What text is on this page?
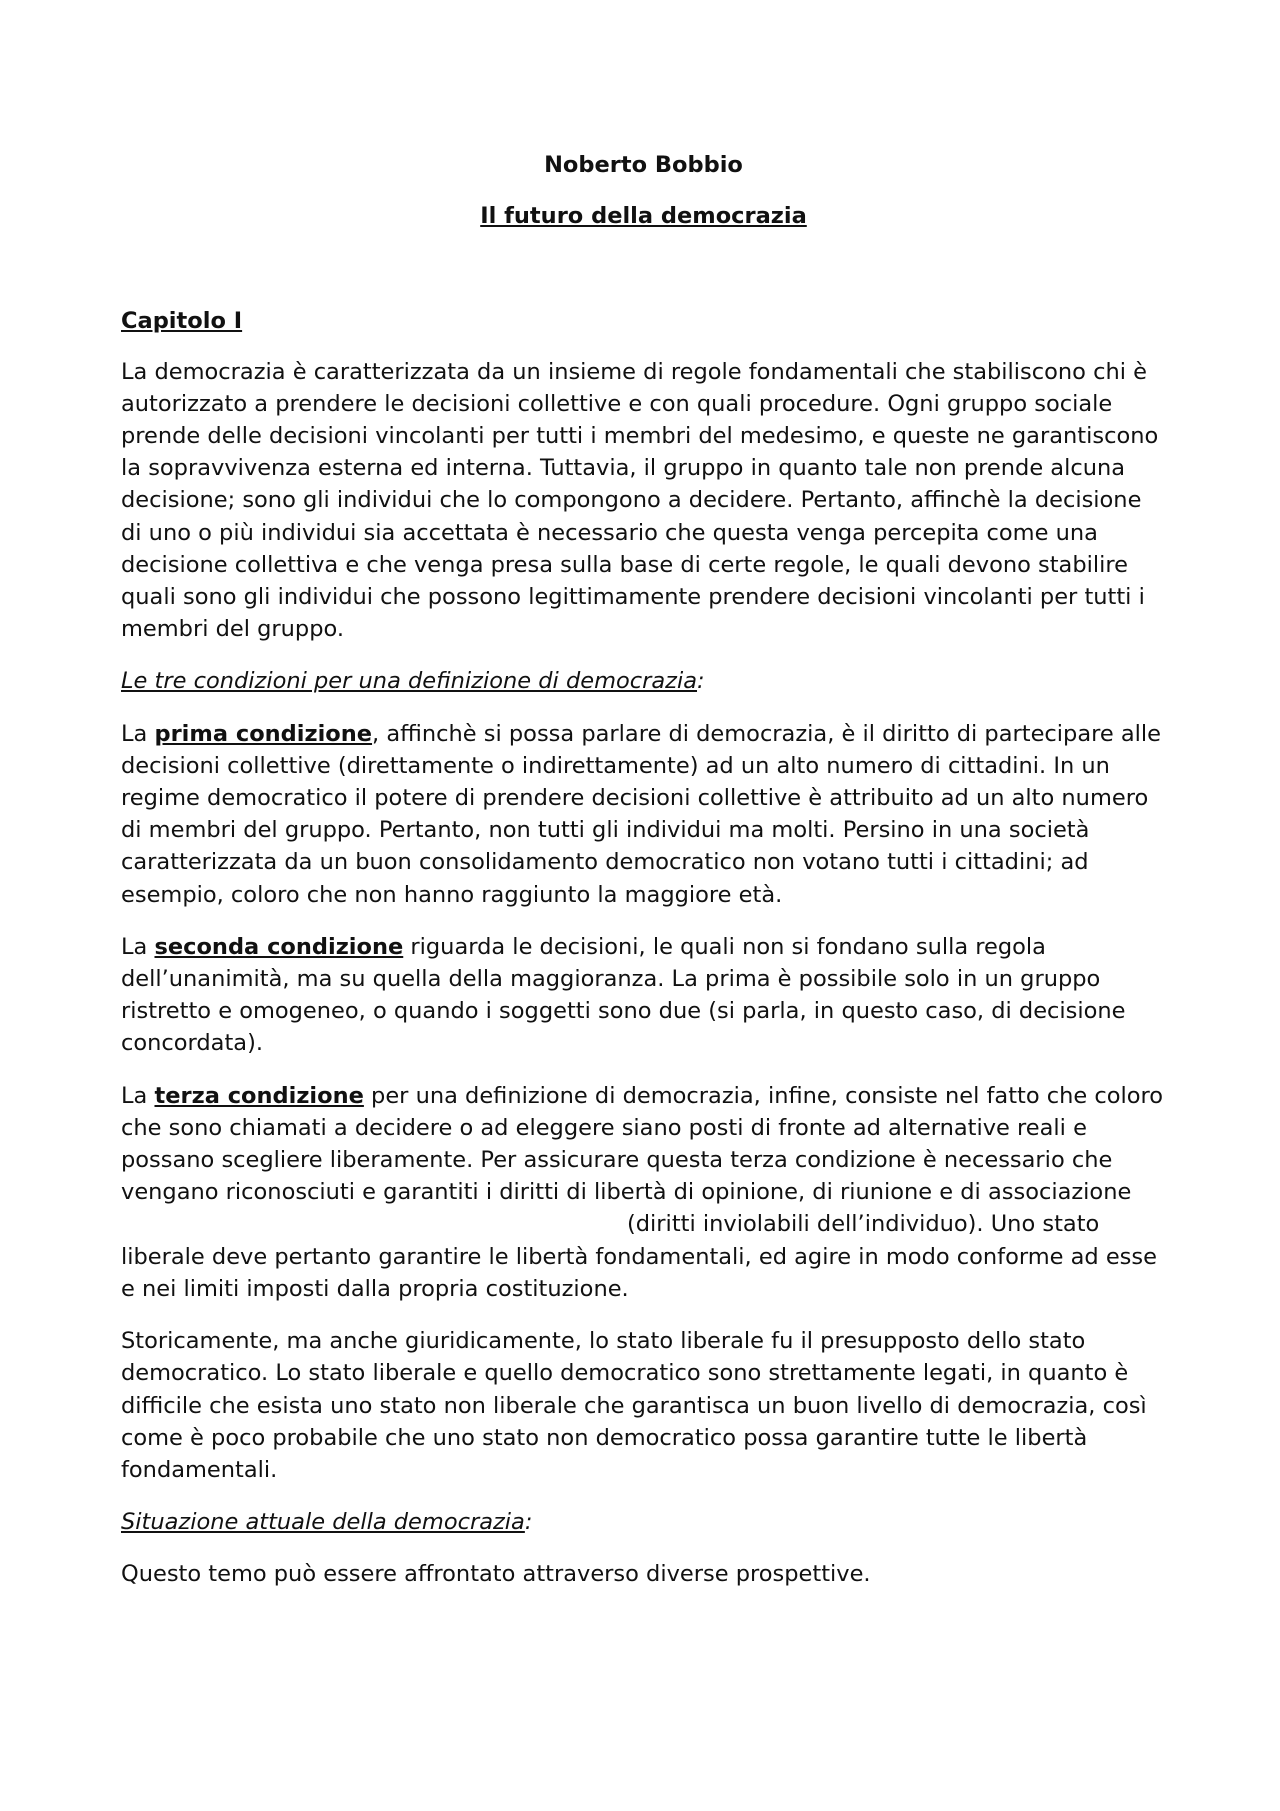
Noberto Bobbio

Il futuro della democrazia

Capitolo I

La democrazia è caratterizzata da un insieme di regole fondamentali che stabiliscono chi è autorizzato a prendere le decisioni collettive e con quali procedure. Ogni gruppo sociale prende delle decisioni vincolanti per tutti i membri del medesimo, e queste ne garantiscono la sopravvivenza esterna ed interna. Tuttavia, il gruppo in quanto tale non prende alcuna decisione; sono gli individui che lo compongono a decidere. Pertanto, affinchè la decisione di uno o più individui sia accettata è necessario che questa venga percepita come una decisione collettiva e che venga presa sulla base di certe regole, le quali devono stabilire quali sono gli individui che possono legittimamente prendere decisioni vincolanti per tutti i membri del gruppo.

Le tre condizioni per una definizione di democrazia:

La prima condizione, affinchè si possa parlare di democrazia, è il diritto di partecipare alle decisioni collettive (direttamente o indirettamente) ad un alto numero di cittadini. In un regime democratico il potere di prendere decisioni collettive è attribuito ad un alto numero di membri del gruppo. Pertanto, non tutti gli individui ma molti. Persino in una società caratterizzata da un buon consolidamento democratico non votano tutti i cittadini; ad esempio, coloro che non hanno raggiunto la maggiore età.

La seconda condizione riguarda le decisioni, le quali non si fondano sulla regola dell’unanimità, ma su quella della maggioranza. La prima è possibile solo in un gruppo ristretto e omogeneo, o quando i soggetti sono due (si parla, in questo caso, di decisione concordata).

La terza condizione per una definizione di democrazia, infine, consiste nel fatto che coloro che sono chiamati a decidere o ad eleggere siano posti di fronte ad alternative reali e possano scegliere liberamente. Per assicurare questa terza condizione è necessario che vengano riconosciuti e garantiti i diritti di libertà di opinione, di riunione e di associazione(diritti inviolabili dell’individuo). Uno stato liberale deve pertanto garantire le libertà fondamentali, ed agire in modo conforme ad esse e nei limiti imposti dalla propria costituzione.

Storicamente, ma anche giuridicamente, lo stato liberale fu il presupposto dello stato democratico. Lo stato liberale e quello democratico sono strettamente legati, in quanto è difficile che esista uno stato non liberale che garantisca un buon livello di democrazia, così come è poco probabile che uno stato non democratico possa garantire tutte le libertà fondamentali.

Situazione attuale della democrazia:

Questo temo può essere affrontato attraverso diverse prospettive.
